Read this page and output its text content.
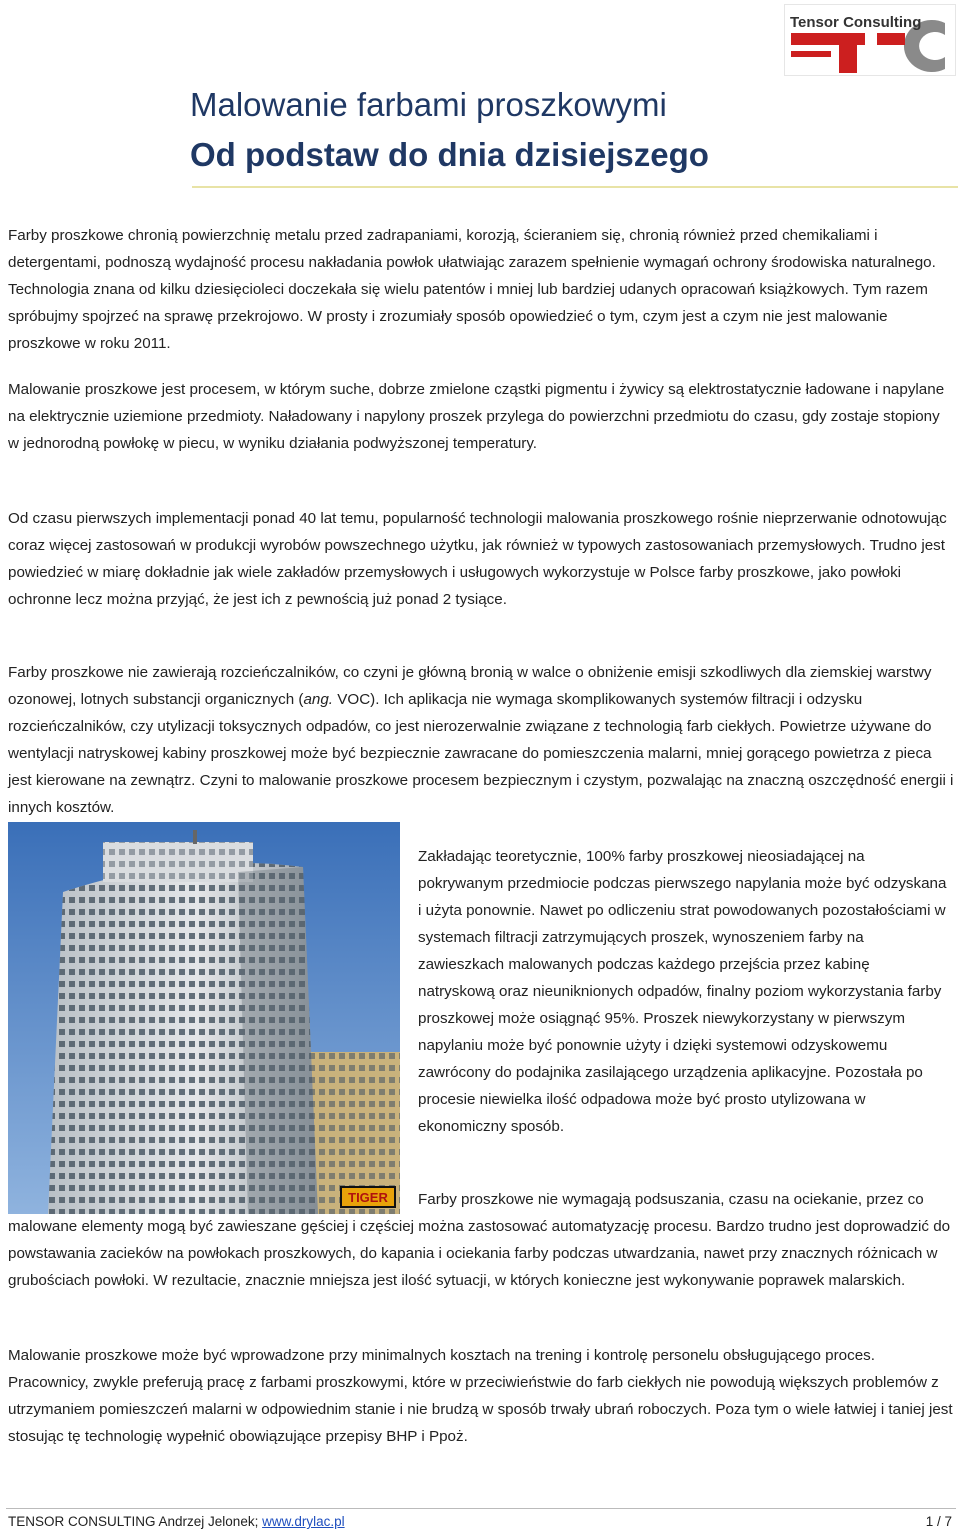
Tensor Consulting
Malowanie farbami proszkowymi
Od podstaw do dnia dzisiejszego

Farby proszkowe chronią powierzchnię metalu przed zadrapaniami, korozją, ścieraniem się, chronią również przed chemikaliami i detergentami, podnoszą wydajność procesu nakładania powłok ułatwiając zarazem spełnienie wymagań ochrony środowiska naturalnego. Technologia znana od kilku dziesięcioleci doczekała się wielu patentów i mniej lub bardziej udanych opracowań książkowych. Tym razem spróbujmy spojrzeć na sprawę przekrojowo. W prosty i zrozumiały sposób opowiedzieć o tym, czym jest a czym nie jest malowanie proszkowe w roku 2011.

Malowanie proszkowe jest procesem, w którym suche, dobrze zmielone cząstki pigmentu i żywicy są elektrostatycznie ładowane i napylane na elektrycznie uziemione przedmioty. Naładowany i napylony proszek przylega do powierzchni przedmiotu do czasu, gdy zostaje stopiony w jednorodną powłokę w piecu, w wyniku działania podwyższonej temperatury.

Od czasu pierwszych implementacji ponad 40 lat temu, popularność technologii malowania proszkowego rośnie nieprzerwanie odnotowując coraz więcej zastosowań w produkcji wyrobów powszechnego użytku, jak również w typowych zastosowaniach przemysłowych. Trudno jest powiedzieć w miarę dokładnie jak wiele zakładów przemysłowych i usługowych wykorzystuje w Polsce farby proszkowe, jako powłoki ochronne lecz można przyjąć, że jest ich z pewnością już ponad 2 tysiące.

Farby proszkowe nie zawierają rozcieńczalników, co czyni je główną bronią w walce o obniżenie emisji szkodliwych dla ziemskiej warstwy ozonowej, lotnych substancji organicznych (ang. VOC). Ich aplikacja nie wymaga skomplikowanych systemów filtracji i odzysku rozcieńczalników, czy utylizacji toksycznych odpadów, co jest nierozerwalnie związane z technologią farb ciekłych. Powietrze używane do wentylacji natryskowej kabiny proszkowej może być bezpiecznie zawracane do pomieszczenia malarni, mniej gorącego powietrza z pieca jest kierowane na zewnątrz. Czyni to malowanie proszkowe procesem bezpiecznym i czystym, pozwalając na znaczną oszczędność energii i innych kosztów.

TIGER

Zakładając teoretycznie, 100% farby proszkowej nieosiadającej na pokrywanym przedmiocie podczas pierwszego napylania może być odzyskana i użyta ponownie. Nawet po odliczeniu strat powodowanych pozostałościami w systemach filtracji zatrzymujących proszek, wynoszeniem farby na zawieszkach malowanych podczas każdego przejścia przez kabinę natryskową oraz nieuniknionych odpadów, finalny poziom wykorzystania farby proszkowej może osiągnąć 95%. Proszek niewykorzystany w pierwszym napylaniu może być ponownie użyty i dzięki systemowi odzyskowemu zawrócony do podajnika zasilającego urządzenia aplikacyjne. Pozostała po procesie niewielka ilość odpadowa może być prosto utylizowana w ekonomiczny sposób.

Farby proszkowe nie wymagają podsuszania, czasu na ociekanie, przez co malowane elementy mogą być zawieszane gęściej i częściej można zastosować automatyzację procesu. Bardzo trudno jest doprowadzić do powstawania zacieków na powłokach proszkowych, do kapania i ociekania farby podczas utwardzania, nawet przy znacznych różnicach w grubościach powłoki. W rezultacie, znacznie mniejsza jest ilość sytuacji, w których konieczne jest wykonywanie poprawek malarskich.

Malowanie proszkowe może być wprowadzone przy minimalnych kosztach na trening i kontrolę personelu obsługującego proces. Pracownicy, zwykle preferują pracę z farbami proszkowymi, które w przeciwieństwie do farb ciekłych nie powodują większych problemów z utrzymaniem pomieszczeń malarni w odpowiednim stanie i nie brudzą w sposób trwały ubrań roboczych. Poza tym o wiele łatwiej i taniej jest stosując tę technologię wypełnić obowiązujące przepisy BHP i Ppoż.

TENSOR CONSULTING Andrzej Jelonek; www.drylac.pl	1 / 7
